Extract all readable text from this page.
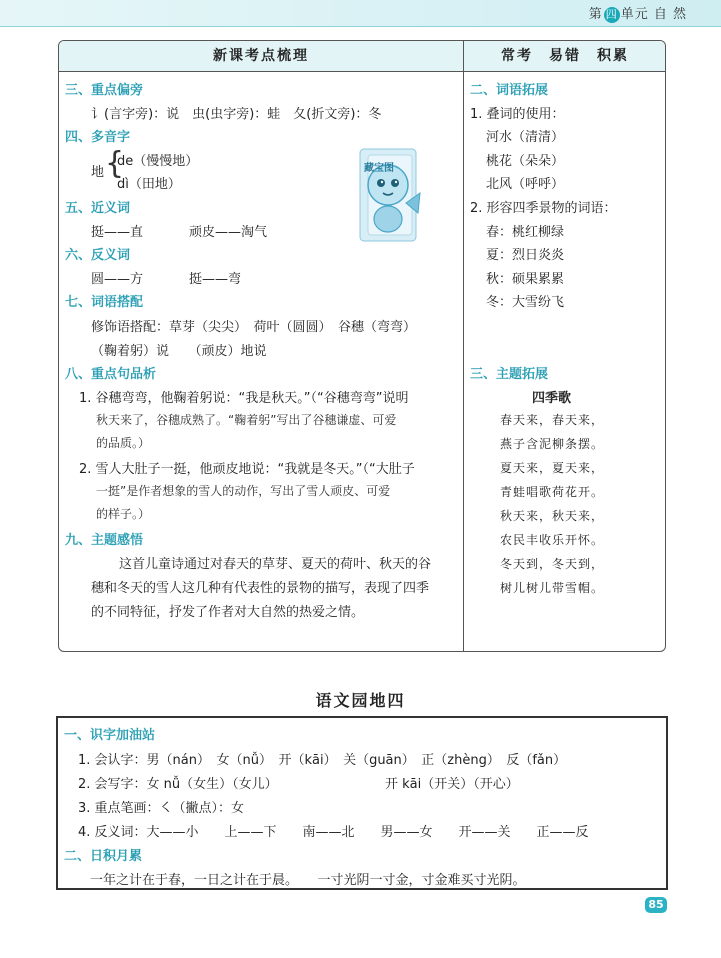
第 四 单元 自 然
新课考点梳理	常考　易错　积累
三、重点偏旁
讠(言字旁)：说　虫(虫字旁)：蛙　夂(折文旁)：冬
四、多音字
地 {
de（慢慢地）
dì（田地）
五、近义词
挺——直	顽皮——淘气
六、反义词
圆——方	挺——弯
七、词语搭配
修饰语搭配：草芽（尖尖）　荷叶（圆圆）　谷穗（弯弯）
（鞠着躬）说　　（顽皮）地说
八、重点句品析
1. 谷穗弯弯，他鞠着躬说：“我是秋天。”（“谷穗弯弯”说明
秋天来了，谷穗成熟了。“鞠着躬”写出了谷穗谦虚、可爱
的品质。）
2. 雪人大肚子一挺，他顽皮地说：“我就是冬天。”（“大肚子
一挺”是作者想象的雪人的动作，写出了雪人顽皮、可爱
的样子。）
九、主题感悟
这首儿童诗通过对春天的草芽、夏天的荷叶、秋天的谷
穗和冬天的雪人这几种有代表性的景物的描写，表现了四季
的不同特征，抒发了作者对大自然的热爱之情。
二、词语拓展
1. 叠词的使用：
河水（清清）
桃花（朵朵）
北风（呼呼）
2. 形容四季景物的词语：
春：桃红柳绿
夏：烈日炎炎
秋：硕果累累
冬：大雪纷飞
三、主题拓展
四季歌
春天来，春天来，
燕子含泥柳条摆。
夏天来，夏天来，
青蛙唱歌荷花开。
秋天来，秋天来，
农民丰收乐开怀。
冬天到，冬天到，
树儿树儿带雪帽。
藏宝图
语文园地四
一、识字加油站
1. 会认字：男（nán）　女（nǚ）　开（kāi）　关（guān）　正（zhèng）　反（fǎn）
2. 会写字：女 nǚ（女生）（女儿）	开 kāi（开关）（开心）
3. 重点笔画：㇛（撇点）：女
4. 反义词：大——小　　上——下　　南——北　　男——女　　开——关　　正——反
二、日积月累
一年之计在于春，一日之计在于晨。　　一寸光阴一寸金，寸金难买寸光阴。
85
